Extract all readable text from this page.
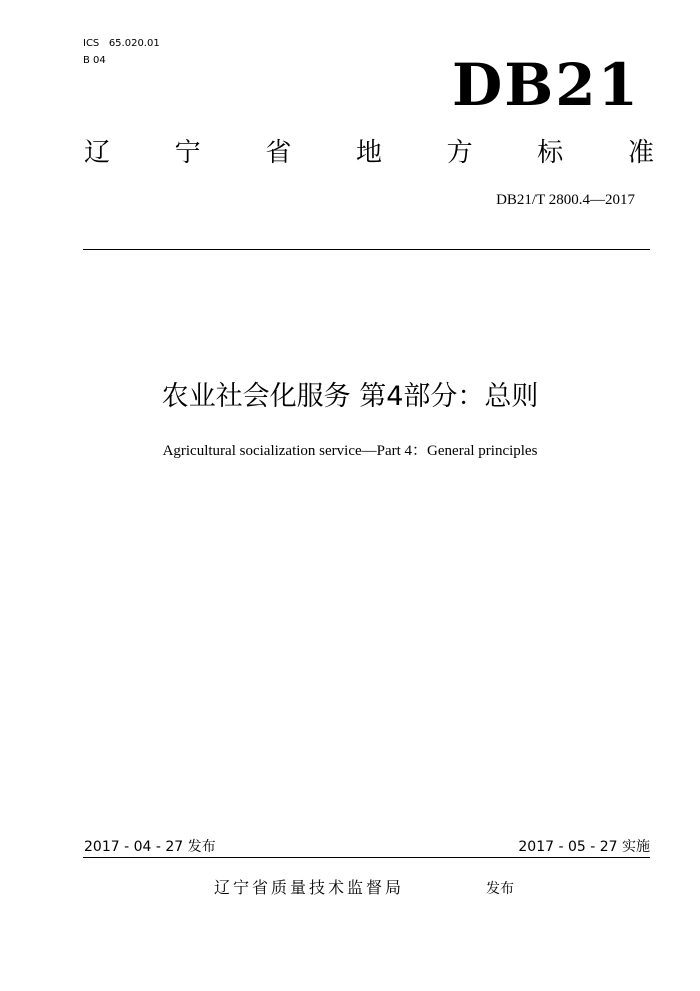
ICS   65.020.01
B 04	DB21
辽 宁 省 地 方 标 准
DB21/T 2800.4—2017
农业社会化服务 第4部分：总则
Agricultural socialization service—Part 4：General principles
2017 - 04 - 27 发布	2017 - 05 - 27 实施
辽宁省质量技术监督局	发布
